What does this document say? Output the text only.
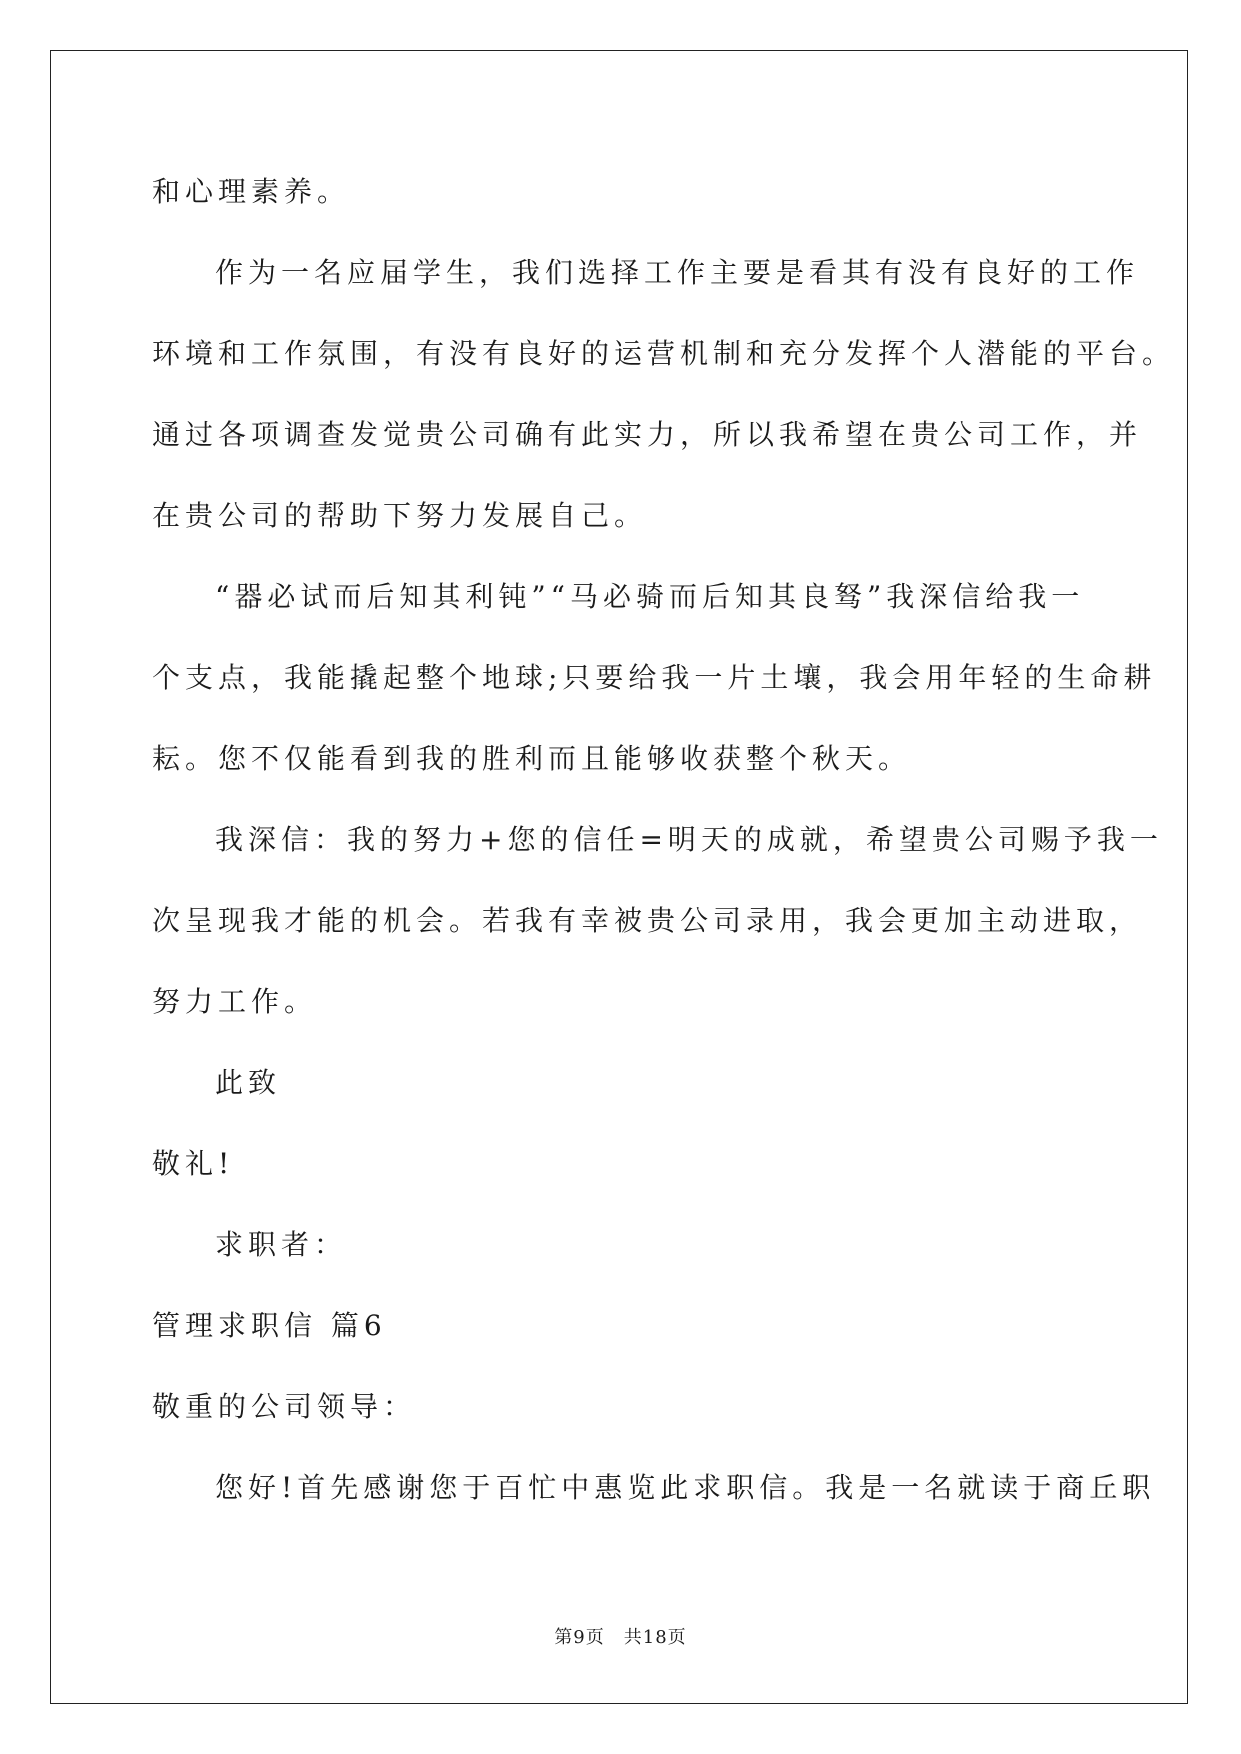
和心理素养。
作为一名应届学生，我们选择工作主要是看其有没有良好的工作
环境和工作氛围，有没有良好的运营机制和充分发挥个人潜能的平台。
通过各项调查发觉贵公司确有此实力，所以我希望在贵公司工作，并
在贵公司的帮助下努力发展自己。
“器必试而后知其利钝”“马必骑而后知其良驽”我深信给我一
个支点，我能撬起整个地球;只要给我一片土壤，我会用年轻的生命耕
耘。您不仅能看到我的胜利而且能够收获整个秋天。
我深信：我的努力+您的信任=明天的成就，希望贵公司赐予我一
次呈现我才能的机会。若我有幸被贵公司录用，我会更加主动进取，
努力工作。
此致
敬礼!
求职者：
管理求职信 篇6
敬重的公司领导：
您好!首先感谢您于百忙中惠览此求职信。我是一名就读于商丘职
第9页　共18页
